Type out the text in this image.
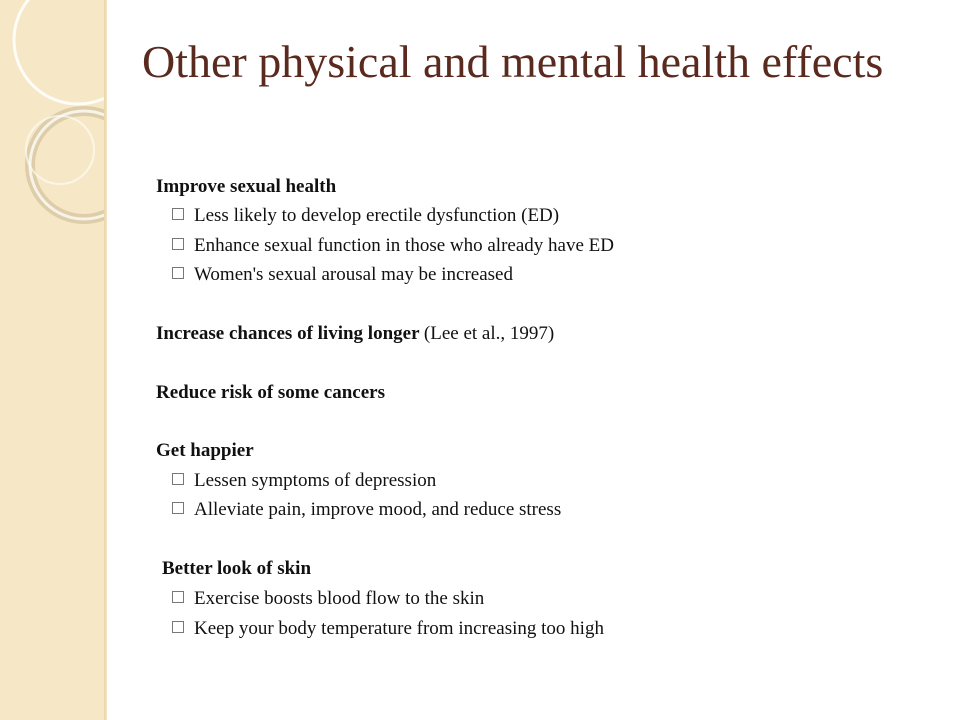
Other physical and mental health effects
Improve sexual health
Less likely to develop erectile dysfunction (ED)
Enhance sexual function in those who already have ED
Women's sexual arousal may be increased
Increase chances of living longer (Lee et al., 1997)
Reduce risk of some cancers
Get happier
Lessen symptoms of depression
Alleviate pain, improve mood, and reduce stress
Better look of skin
Exercise boosts blood flow to the skin
Keep your body temperature from increasing too high
